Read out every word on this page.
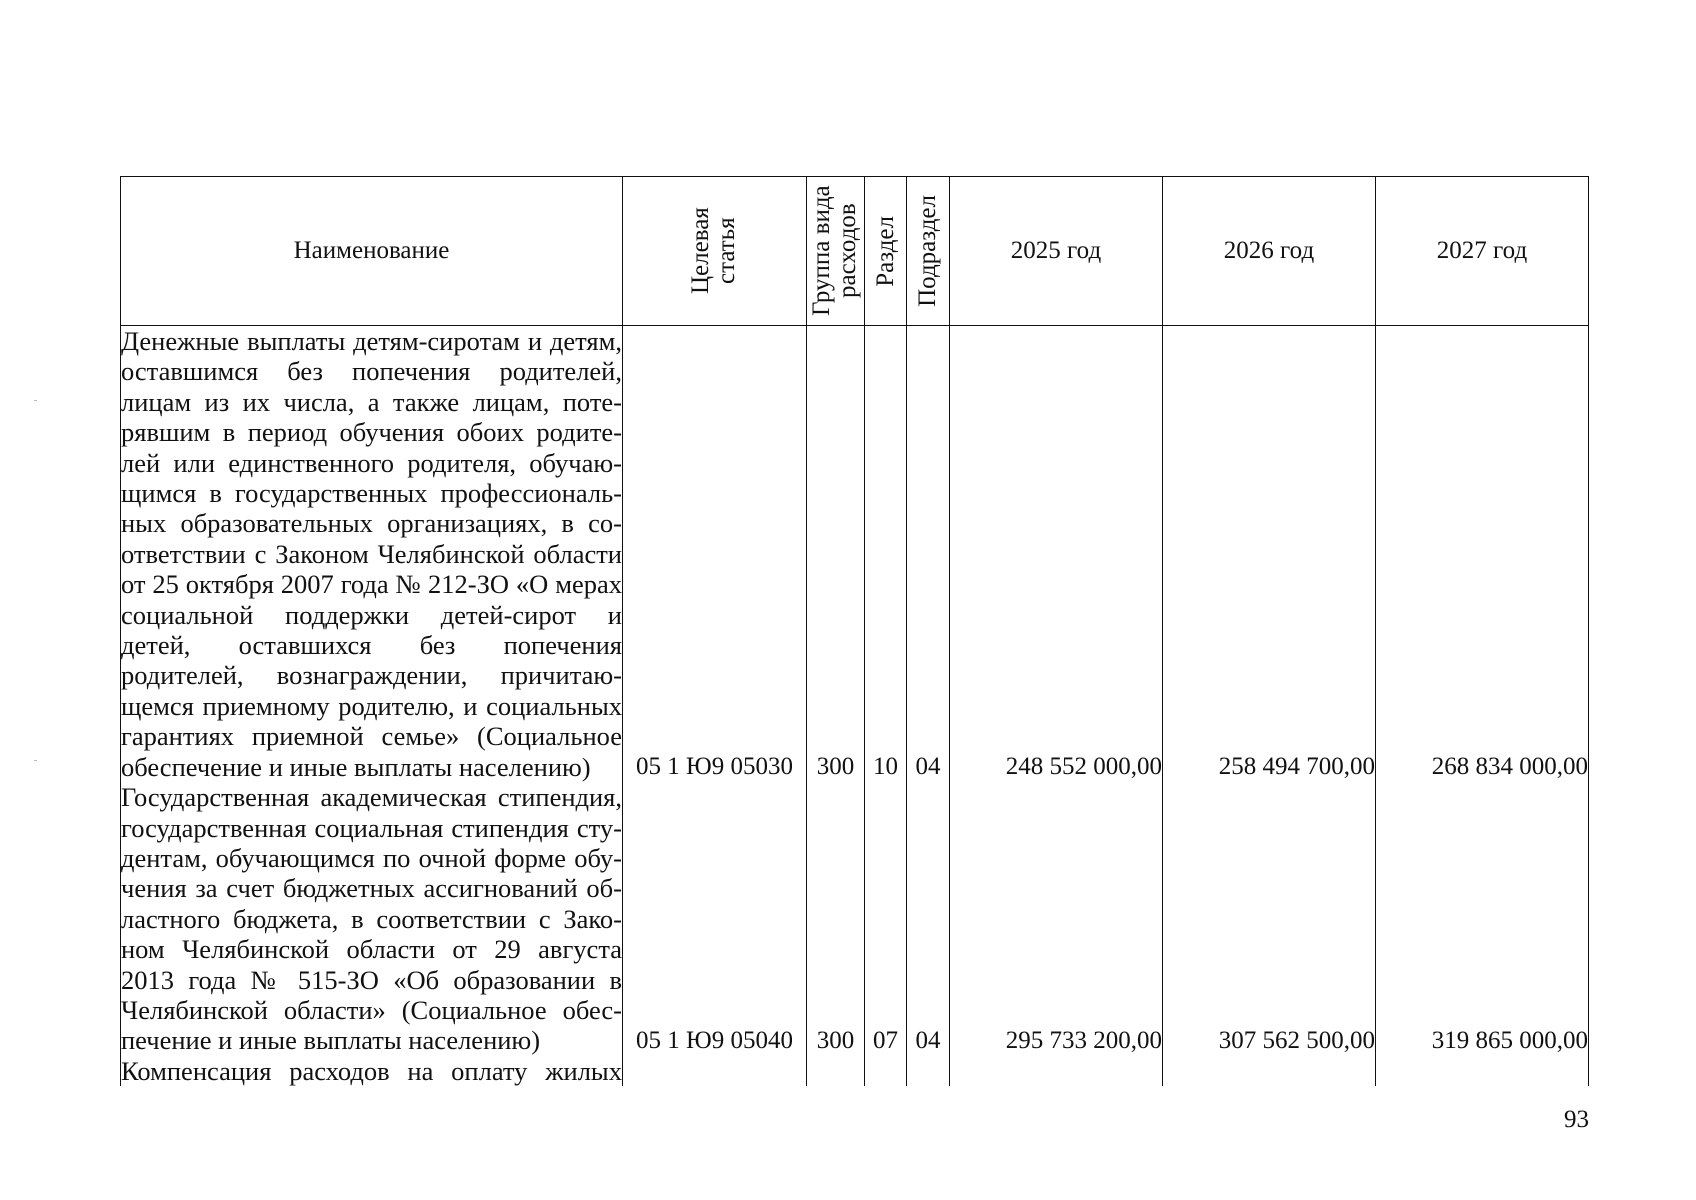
Наименование	Целевая статья	Группа вида расходов	Раздел	Подраздел	2025 год	2026 год	2027 год

Денежные выплаты детям-сиротам и детям, оставшимся без попечения родителей, лицам из их числа, а также лицам, потерявшим в период обучения обоих родителей или единственного родителя, обучающимся в государственных профессиональных образовательных организациях, в соответствии с Законом Челябинской области от 25 октября 2007 года № 212-ЗО «О мерах социальной поддержки детей-сирот и детей, оставшихся без попечения родителей, вознаграждении, причитающемся приемному родителю, и социальных гарантиях приемной семье» (Социальное обеспечение и иные выплаты населению)	05 1 Ю9 05030	300	10	04	248 552 000,00	258 494 700,00	268 834 000,00

Государственная академическая стипендия, государственная социальная стипендия студентам, обучающимся по очной форме обучения за счет бюджетных ассигнований областного бюджета, в соответствии с Законом Челябинской области от 29 августа 2013 года № 515-ЗО «Об образовании в Челябинской области» (Социальное обеспечение и иные выплаты населению)	05 1 Ю9 05040	300	07	04	295 733 200,00	307 562 500,00	319 865 000,00

Компенсация расходов на оплату жилых							

93
